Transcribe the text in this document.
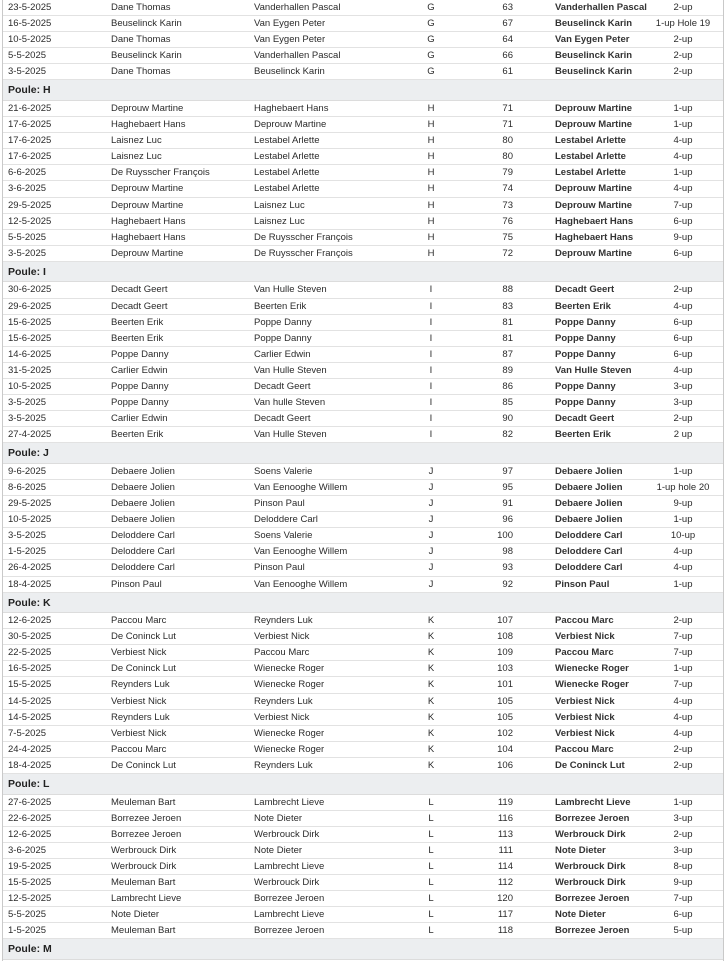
23-5-2025	Dane Thomas	Vanderhallen Pascal	G	63	Vanderhallen Pascal	2-up
16-5-2025	Beuselinck Karin	Van Eygen Peter	G	67	Beuselinck Karin	1-up Hole 19
10-5-2025	Dane Thomas	Van Eygen Peter	G	64	Van Eygen Peter	2-up
5-5-2025	Beuselinck Karin	Vanderhallen Pascal	G	66	Beuselinck Karin	2-up
3-5-2025	Dane Thomas	Beuselinck Karin	G	61	Beuselinck Karin	2-up
Poule: H
21-6-2025	Deprouw Martine	Haghebaert Hans	H	71	Deprouw Martine	1-up
17-6-2025	Haghebaert Hans	Deprouw Martine	H	71	Deprouw Martine	1-up
17-6-2025	Laisnez Luc	Lestabel Arlette	H	80	Lestabel Arlette	4-up
17-6-2025	Laisnez Luc	Lestabel Arlette	H	80	Lestabel Arlette	4-up
6-6-2025	De Ruysscher François	Lestabel Arlette	H	79	Lestabel Arlette	1-up
3-6-2025	Deprouw Martine	Lestabel Arlette	H	74	Deprouw Martine	4-up
29-5-2025	Deprouw Martine	Laisnez Luc	H	73	Deprouw Martine	7-up
12-5-2025	Haghebaert Hans	Laisnez Luc	H	76	Haghebaert Hans	6-up
5-5-2025	Haghebaert Hans	De Ruysscher François	H	75	Haghebaert Hans	9-up
3-5-2025	Deprouw Martine	De Ruysscher François	H	72	Deprouw Martine	6-up
Poule: I
30-6-2025	Decadt Geert	Van Hulle Steven	I	88	Decadt Geert	2-up
29-6-2025	Decadt Geert	Beerten Erik	I	83	Beerten Erik	4-up
15-6-2025	Beerten Erik	Poppe Danny	I	81	Poppe Danny	6-up
15-6-2025	Beerten Erik	Poppe Danny	I	81	Poppe Danny	6-up
14-6-2025	Poppe Danny	Carlier Edwin	I	87	Poppe Danny	6-up
31-5-2025	Carlier Edwin	Van Hulle Steven	I	89	Van Hulle Steven	4-up
10-5-2025	Poppe Danny	Decadt Geert	I	86	Poppe Danny	3-up
3-5-2025	Poppe Danny	Van hulle Steven	I	85	Poppe Danny	3-up
3-5-2025	Carlier Edwin	Decadt Geert	I	90	Decadt Geert	2-up
27-4-2025	Beerten Erik	Van Hulle Steven	I	82	Beerten Erik	2 up
Poule: J
9-6-2025	Debaere Jolien	Soens Valerie	J	97	Debaere Jolien	1-up
8-6-2025	Debaere Jolien	Van Eenooghe Willem	J	95	Debaere Jolien	1-up hole 20
29-5-2025	Debaere Jolien	Pinson Paul	J	91	Debaere Jolien	9-up
10-5-2025	Debaere Jolien	Deloddere Carl	J	96	Debaere Jolien	1-up
3-5-2025	Deloddere Carl	Soens Valerie	J	100	Deloddere Carl	10-up
1-5-2025	Deloddere Carl	Van Eenooghe Willem	J	98	Deloddere Carl	4-up
26-4-2025	Deloddere Carl	Pinson Paul	J	93	Deloddere Carl	4-up
18-4-2025	Pinson Paul	Van Eenooghe Willem	J	92	Pinson Paul	1-up
Poule: K
12-6-2025	Paccou Marc	Reynders Luk	K	107	Paccou Marc	2-up
30-5-2025	De Coninck Lut	Verbiest Nick	K	108	Verbiest Nick	7-up
22-5-2025	Verbiest Nick	Paccou Marc	K	109	Paccou Marc	7-up
16-5-2025	De Coninck Lut	Wienecke Roger	K	103	Wienecke Roger	1-up
15-5-2025	Reynders Luk	Wienecke Roger	K	101	Wienecke Roger	7-up
14-5-2025	Verbiest Nick	Reynders Luk	K	105	Verbiest Nick	4-up
14-5-2025	Reynders Luk	Verbiest Nick	K	105	Verbiest Nick	4-up
7-5-2025	Verbiest Nick	Wienecke Roger	K	102	Verbiest Nick	4-up
24-4-2025	Paccou Marc	Wienecke Roger	K	104	Paccou Marc	2-up
18-4-2025	De Coninck Lut	Reynders Luk	K	106	De Coninck Lut	2-up
Poule: L
27-6-2025	Meuleman Bart	Lambrecht Lieve	L	119	Lambrecht Lieve	1-up
22-6-2025	Borrezee Jeroen	Note Dieter	L	116	Borrezee Jeroen	3-up
12-6-2025	Borrezee Jeroen	Werbrouck Dirk	L	113	Werbrouck Dirk	2-up
3-6-2025	Werbrouck Dirk	Note Dieter	L	111	Note Dieter	3-up
19-5-2025	Werbrouck Dirk	Lambrecht Lieve	L	114	Werbrouck Dirk	8-up
15-5-2025	Meuleman Bart	Werbrouck Dirk	L	112	Werbrouck Dirk	9-up
12-5-2025	Lambrecht Lieve	Borrezee Jeroen	L	120	Borrezee Jeroen	7-up
5-5-2025	Note Dieter	Lambrecht Lieve	L	117	Note Dieter	6-up
1-5-2025	Meuleman Bart	Borrezee Jeroen	L	118	Borrezee Jeroen	5-up
Poule: M
